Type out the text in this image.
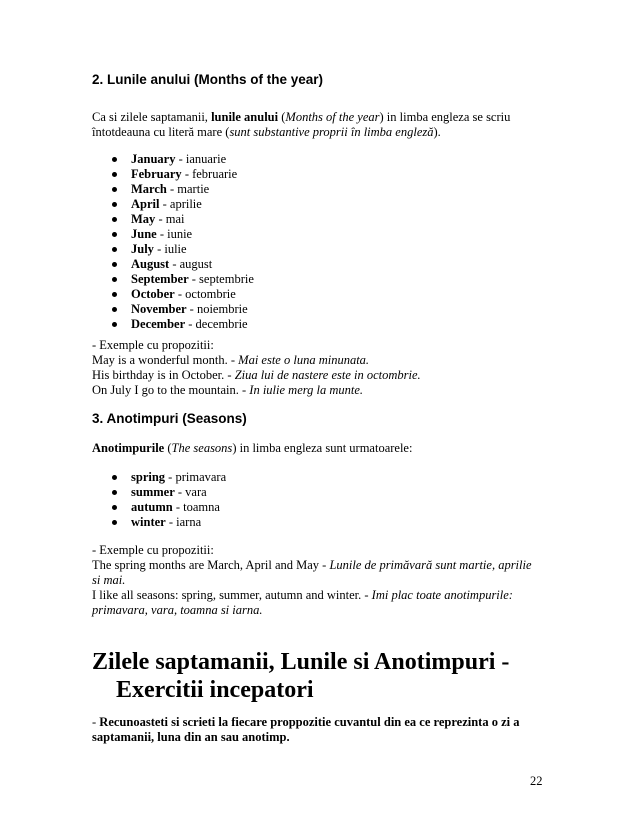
2. Lunile anului (Months of the year)
Ca si zilele saptamanii, lunile anului (Months of the year) in limba engleza se scriu
întotdeauna cu literă mare (sunt substantive proprii în limba engleză).
January - ianuarie
February - februarie
March - martie
April - aprilie
May - mai
June - iunie
July - iulie
August - august
September - septembrie
October - octombrie
November - noiembrie
December - decembrie
- Exemple cu propozitii:
May is a wonderful month. - Mai este o luna minunata.
His birthday is in October. - Ziua lui de nastere este in octombrie.
On July I go to the mountain. - In iulie merg la munte.
3. Anotimpuri (Seasons)
Anotimpurile (The seasons) in limba engleza sunt urmatoarele:
spring - primavara
summer - vara
autumn - toamna
winter - iarna
- Exemple cu propozitii:
The spring months are March, April and May - Lunile de primăvară sunt martie, aprilie
si mai.
I like all seasons: spring, summer, autumn and winter. - Imi plac toate anotimpurile:
primavara, vara, toamna si iarna.
Zilele saptamanii, Lunile si Anotimpuri -
Exercitii incepatori
- Recunoasteti si scrieti la fiecare proppozitie cuvantul din ea ce reprezinta o zi a
saptamanii, luna din an sau anotimp.
22
